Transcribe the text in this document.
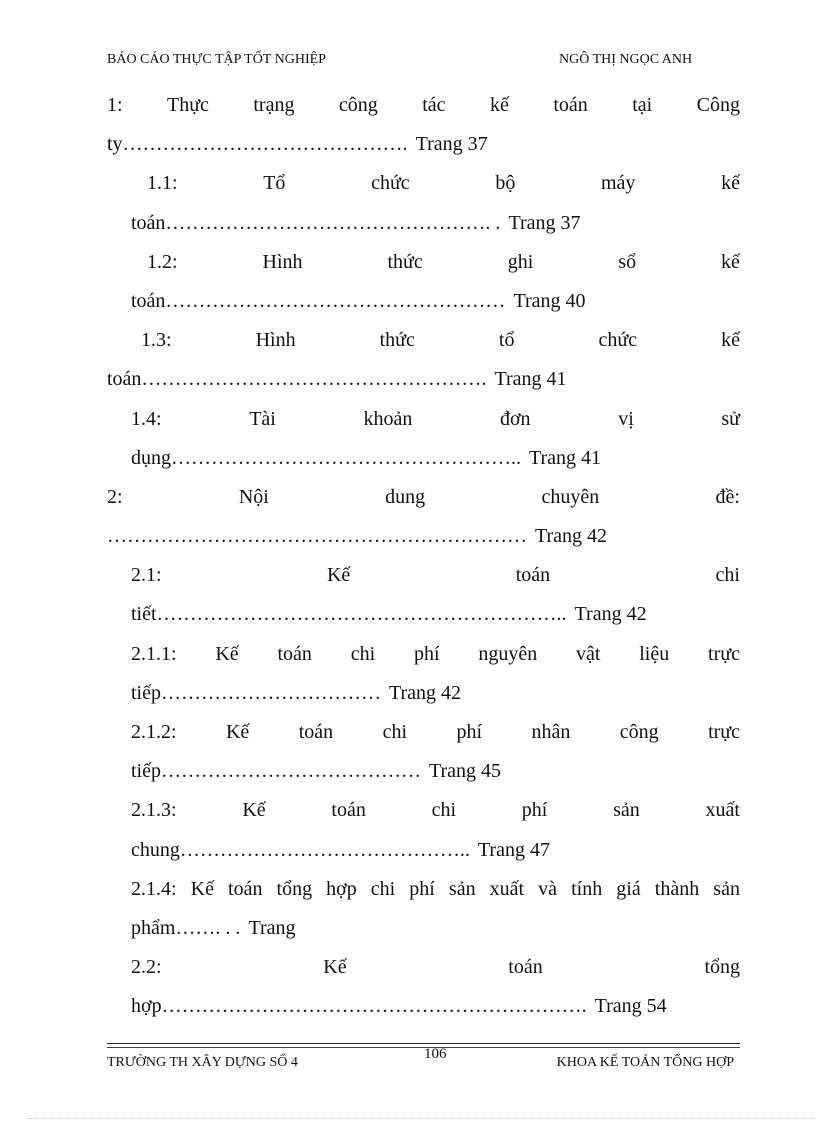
BÁO CÁO THỰC TẬP TỐT NGHIỆP	NGÔ THỊ NGỌC ANH
1: Thực trạng công tác kế toán tại Công
ty……………………………………. Trang 37
1.1:	Tổ	chức	bộ	máy	kế
toán…………………………………………. . Trang 37
1.2:	Hình	thức	ghi	sổ	kế
toán…………………………………………… Trang 40
1.3:	Hình	thức	tổ	chức	kế
toán……………………………………………. Trang 41
1.4:	Tài	khoản	đơn	vị	sử
dụng…………………………………………….. Trang 41
2:	Nội	dung	chuyên	đề:
……………………………………………………… Trang 42
2.1:	Kế	toán	chi
tiết…………………………………………………….. Trang 42
2.1.1: Kế toán chi phí nguyên vật liệu trực
tiếp…………………………… Trang 42
2.1.2: Kế toán chi phí nhân công trực
tiếp………………………………… Trang 45
2.1.3:	Kế	toán	chi	phí	sản	xuất
chung…………………………………….. Trang 47
2.1.4: Kế toán tổng hợp chi phí sản xuất và tính giá thành sản
phẩm……. . . Trang
2.2:	Kế	toán	tổng
hợp………………………………………………………. Trang 54
TRƯỜNG TH XÂY DỰNG SỐ 4
106
KHOA KẾ TOÁN TỔNG HỢP
